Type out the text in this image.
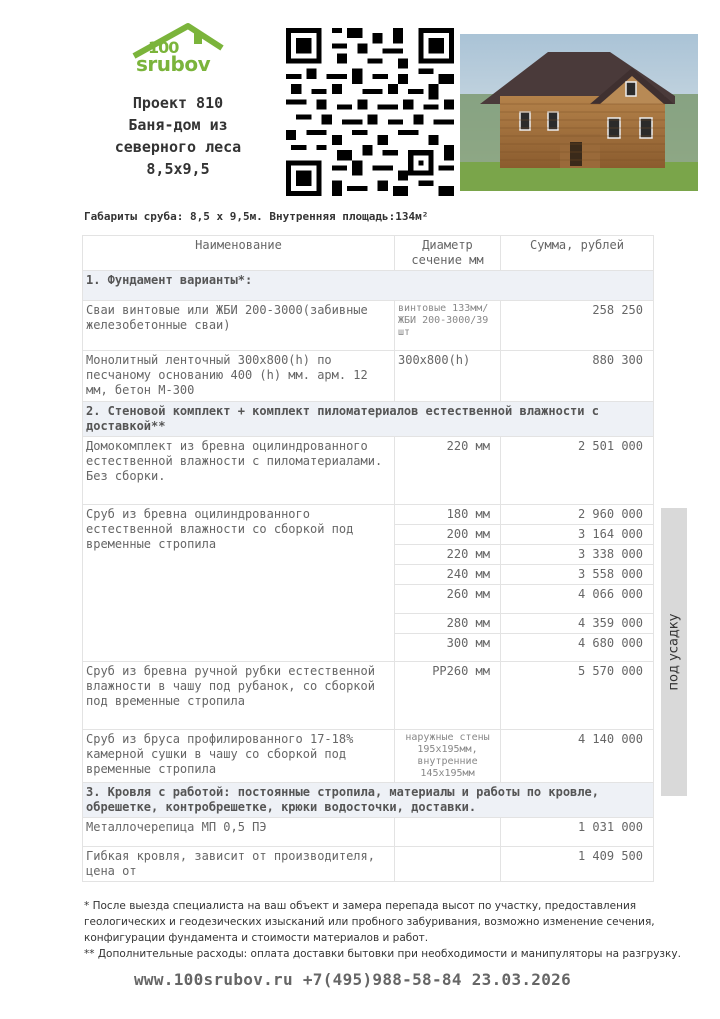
100
srubov
Проект 810
Баня-дом из
северного леса
8,5х9,5
Габариты сруба: 8,5 х 9,5м. Внутренняя площадь:134м²
Наименование	Диаметр сечение мм	Сумма, рублей
1. Фундамент варианты*:		
Сваи винтовые или ЖБИ 200-3000(забивные железобетонные сваи)	винтовые 133мм/ЖБИ 200-3000/39 шт	258 250
Монолитный ленточный 300х800(h) по песчаному основанию 400 (h) мм. арм. 12 мм, бетон М-300	300х800(h)	880 300
2. Стеновой комплект + комплект пиломатериалов естественной влажности с доставкой**		
Домокомплект из бревна оцилиндрованного естественной влажности с пиломатериалами. Без сборки.	220 мм	2 501 000
Сруб из бревна оцилиндрованного естественной влажности со сборкой под временные стропила	180 мм	2 960 000
	200 мм	3 164 000
	220 мм	3 338 000
	240 мм	3 558 000
	260 мм	4 066 000
	280 мм	4 359 000
	300 мм	4 680 000
Сруб из бревна ручной рубки естественной влажности в чашу под рубанок, со сборкой под временные стропила	РР260 мм	5 570 000
Сруб из бруса профилированного 17-18% камерной сушки в чашу со сборкой под временные стропила	наружные стены 195х195мм, внутренние 145х195мм	4 140 000
3. Кровля с работой: постоянные стропила, материалы и работы по кровле, обрешетке, контробрешетке, крюки водосточки, доставки.		
Металлочерепица МП 0,5 ПЭ		1 031 000
Гибкая кровля, зависит от производителя, цена от		1 409 500
под усадку
* После выезда специалиста на ваш объект и замера перепада высот по участку, предоставления геологических и геодезических изысканий или пробного забуривания, возможно изменение сечения, конфигурации фундамента и стоимости материалов и работ.
** Дополнительные расходы: оплата доставки бытовки при необходимости и манипуляторы на разгрузку.
www.100srubov.ru +7(495)988-58-84 23.03.2026
